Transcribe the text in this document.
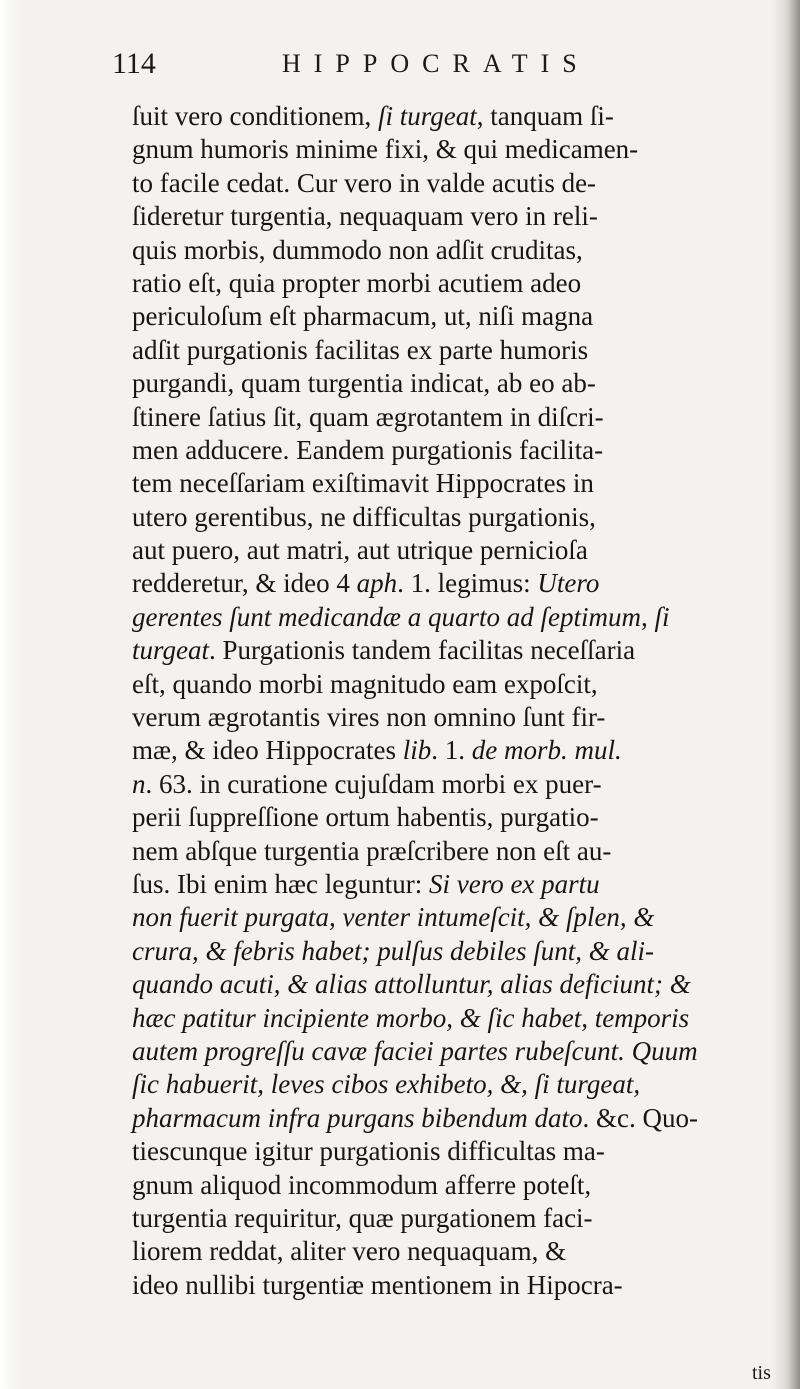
114	HIPPOCRATIS
ſuit vero conditionem, ſi turgeat, tanquam ſi-
gnum humoris minime fixi, & qui medicamen-
to facile cedat. Cur vero in valde acutis de-
ſideretur turgentia, nequaquam vero in reli-
quis morbis, dummodo non adſit cruditas,
ratio eſt, quia propter morbi acutiem adeo
periculoſum eſt pharmacum, ut, niſi magna
adſit purgationis facilitas ex parte humoris
purgandi, quam turgentia indicat, ab eo ab-
ſtinere ſatius ſit, quam ægrotantem in diſcri-
men adducere. Eandem purgationis facilita-
tem neceſſariam exiſtimavit Hippocrates in
utero gerentibus, ne difficultas purgationis,
aut puero, aut matri, aut utrique pernicioſa
redderetur, & ideo 4 aph. 1. legimus: Utero
gerentes ſunt medicandæ a quarto ad ſeptimum, ſi
turgeat. Purgationis tandem facilitas neceſſaria
eſt, quando morbi magnitudo eam expoſcit,
verum ægrotantis vires non omnino ſunt fir-
mæ, & ideo Hippocrates lib. 1. de morb. mul.
n. 63. in curatione cujuſdam morbi ex puer-
perii ſuppreſſione ortum habentis, purgatio-
nem abſque turgentia præſcribere non eſt au-
ſus. Ibi enim hæc leguntur: Si vero ex partu
non fuerit purgata, venter intumeſcit, & ſplen, &
crura, & febris habet; pulſus debiles ſunt, & ali-
quando acuti, & alias attolluntur, alias deficiunt; &
hæc patitur incipiente morbo, & ſic habet, temporis
autem progreſſu cavæ faciei partes rubeſcunt. Quum
ſic habuerit, leves cibos exhibeto, &, ſi turgeat,
pharmacum infra purgans bibendum dato. &c. Quo-
tiescunque igitur purgationis difficultas ma-
gnum aliquod incommodum afferre poteſt,
turgentia requiritur, quæ purgationem faci-
liorem reddat, aliter vero nequaquam, &
ideo nullibi turgentiæ mentionem in Hipocra-
tis
